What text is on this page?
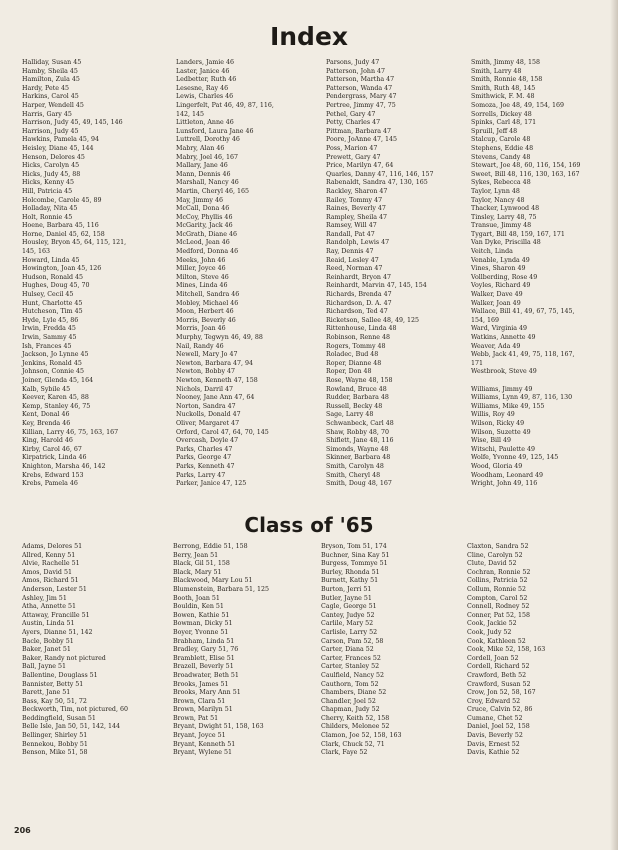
Index
Halliday, Susan 45
Hamby, Sheila 45
Hamilton, Zula 45
Hardy, Pete 45
Harkins, Carol 45
Harper, Wendell 45
Harris, Gary 45
Harrison, Judy 45, 49, 145, 146
Harrison, Judy 45
Hawkins, Pamela 45, 94
Heisley, Diane 45, 144
Henson, Delores 45
Hicks, Carolyn 45
Hicks, Judy 45, 88
Hicks, Kenny 45
Hill, Patricia 45
Holcombe, Carole 45, 89
Holladay, Nita 45
Holt, Ronnie 45
Hoene, Barbara 45, 116
Horne, Daniel 45, 62, 158
Housley, Bryon 45, 64, 115, 121,
145, 163
Howard, Linda 45
Howington, Joan 45, 126
Hudson, Ronald 45
Hughes, Doug 45, 70
Hulsey, Cecil 45
Hunt, Charlotte 45
Hutcheson, Tim 45
Hyde, Lyle 45, 86
Irwin, Fredda 45
Irwin, Sammy 45
Ish, Frances 45
Jackson, Jo Lynne 45
Jenkins, Ronald 45
Johnson, Connie 45
Joiner, Glenda 45, 164
Kalb, Sybile 45
Keever, Karen 45, 88
Kemp, Stanley 46, 75
Kent, Donal 46
Key, Brenda 46
Killian, Larry 46, 75, 163, 167
King, Harold 46
Kirby, Carol 46, 67
Kirpatrick, Linda 46
Knighton, Marsha 46, 142
Krebs, Edward 153
Krebs, Pamela 46
Landers, Jamie 46
Laster, Janice 46
Ledbetter, Ruth 46
Lesesne, Ray 46
Lewis, Charles 46
Lingerfelt, Pat 46, 49, 87, 116,
142, 145
Littleton, Anne 46
Lunsford, Laura Jane 46
Luttrell, Dorothy 46
Mabry, Alan 46
Mabry, Joel 46, 167
Mallary, Jane 46
Mann, Dennis 46
Marshall, Nancy 46
Martin, Cheryl 46, 165
May, Jimmy 46
McCall, Dona 46
McCoy, Phyllis 46
McGarity, Jack 46
McGrath, Diane 46
McLeod, Jean 46
Medford, Donna 46
Meeks, John 46
Miller, Joyce 46
Milton, Steve 46
Mines, Linda 46
Mitchell, Sandra 46
Mobley, Michael 46
Moon, Herbert 46
Morris, Beverly 46
Morris, Joan 46
Murphy, Tegwyn 46, 49, 88
Nail, Randy 46
Newell, Mary Jo 47
Newton, Barbara 47, 94
Newton, Bobby 47
Newton, Kenneth 47, 158
Nichols, Darril 47
Nooney, Jane Ann 47, 64
Norton, Sandra 47
Nuckolls, Donald 47
Oliver, Margaret 47
Orford, Carol 47, 64, 70, 145
Overcash, Doyle 47
Parks, Charles 47
Parks, George 47
Parks, Kenneth 47
Parks, Larry 47
Parker, Janice 47, 125
Parsons, Judy 47
Patterson, John 47
Patterson, Martha 47
Patterson, Wanda 47
Pendergrass, Mary 47
Pertree, Jimmy 47, 75
Pethel, Gary 47
Petty, Charles 47
Pittman, Barbara 47
Poore, JoAnne 47, 145
Poss, Marion 47
Prewett, Gary 47
Price, Marilyn 47, 64
Quarles, Danny 47, 116, 146, 157
Rabenaldt, Sandra 47, 130, 165
Rackley, Sharon 47
Railey, Tommy 47
Raines, Beverly 47
Rampley, Sheila 47
Ramsey, Will 47
Randall, Pat 47
Randolph, Lewis 47
Ray, Dennis 47
Reaid, Lesley 47
Reed, Norman 47
Reinhardt, Bryon 47
Reinhardt, Marvin 47, 145, 154
Richards, Brenda 47
Richardson, D. A. 47
Richardson, Ted 47
Ricketson, Sallee 48, 49, 125
Rittenhouse, Linda 48
Robinson, Renne 48
Rogers, Tommy 48
Roladec, Bud 48
Roper, Dianne 48
Roper, Don 48
Rose, Wayne 48, 158
Rowland, Bruce 48
Rudder, Barbara 48
Russell, Becky 48
Sage, Larry 48
Schwanbeck, Carl 48
Shaw, Robby 48, 70
Shiflett, Jane 48, 116
Simonds, Wayne 48
Skinner, Barbara 48
Smith, Carolyn 48
Smith, Cheryl 48
Smith, Doug 48, 167
Smith, Jimmy 48, 158
Smith, Larry 48
Smith, Ronnie 48, 158
Smith, Ruth 48, 145
Smithwick, F. M. 48
Somoza, Joe 48, 49, 154, 169
Sorrells, Dickey 48
Spinks, Carl 48, 171
Spruill, Jeff 48
Stalcup, Carole 48
Stephens, Eddie 48
Stevens, Candy 48
Stewart, Joe 48, 60, 116, 154, 169
Sweet, Bill 48, 116, 130, 163, 167
Sykes, Rebecca 48
Taylor, Lynn 48
Taylor, Nancy 48
Thacker, Lynwood 48
Tinsley, Larry 48, 75
Transue, Jimmy 48
Tygart, Bill 48, 159, 167, 171
Van Dyke, Priscilla 48
Veitch, Linda
Venable, Lynda 49
Vines, Sharon 49
Vollberding, Rose 49
Voyles, Richard 49
Walker, Dave 49
Walker, Joan 49
Wallace, Bill 41, 49, 67, 75, 145,
154, 169
Ward, Virginia 49
Watkins, Annette 49
Weaver, Ada 49
Webb, Jack 41, 49, 75, 118, 167,
171
Westbrook, Steve 49

Williams, Jimmy 49
Williams, Lynn 49, 87, 116, 130
Williams, Mike 49, 155
Willis, Roy 49
Wilson, Ricky 49
Wilson, Suzette 49
Wise, Bill 49
Witschi, Paulette 49
Wolfe, Yvonne 49, 125, 145
Wood, Gloria 49
Woodham, Leonard 49
Wright, John 49, 116
Class of '65
Adams, Delores 51
Allred, Kenny 51
Alvie, Rachelle 51
Amos, David 51
Amos, Richard 51
Anderson, Lester 51
Ashley, Jim 51
Atha, Annette 51
Attaway, Francille 51
Austin, Linda 51
Ayers, Dianne 51, 142
Bacle, Bobby 51
Baker, Janet 51
Baker, Randy not pictured
Ball, Jayne 51
Ballentine, Douglass 51
Bannister, Betty 51
Barett, Jane 51
Bass, Kay 50, 51, 72
Beckworth, Tim, not pictured, 60
Beddingfield, Susan 51
Belle Isle, Jan 50, 51, 142, 144
Bellinger, Shirley 51
Bennekou, Bobby 51
Benson, Mike 51, 58
Berrong, Eddie 51, 158
Berry, Jean 51
Black, Gil 51, 158
Black, Mary 51
Blackwood, Mary Lou 51
Blumenstein, Barbara 51, 125
Booth, Joan 51
Bouldin, Ken 51
Bowen, Kathie 51
Bowman, Dicky 51
Boyer, Yvonne 51
Brabham, Linda 51
Bradley, Gary 51, 76
Bramblett, Elise 51
Brazell, Beverly 51
Broadwater, Beth 51
Brooks, James 51
Brooks, Mary Ann 51
Brown, Clara 51
Brown, Marilyn 51
Brown, Pat 51
Bryant, Dwight 51, 158, 163
Bryant, Joyce 51
Bryant, Kenneth 51
Bryant, Wylene 51
Bryson, Tom 51, 174
Buchner, Sina Kay 51
Burgess, Tommye 51
Burley, Rhonda 51
Burnett, Kathy 51
Burton, Jerri 51
Butler, Jayne 51
Cagle, George 51
Cantey, Judye 52
Carlile, Mary 52
Carlisle, Larry 52
Carson, Pam 52, 58
Carter, Diana 52
Carter, Frances 52
Carter, Stanley 52
Caulfield, Nancy 52
Cauthorn, Tom 52
Chambers, Diane 52
Chandler, Joel 52
Chapman, Judy 52
Cherry, Keith 52, 158
Childers, Melonee 52
Clamon, Joe 52, 158, 163
Clark, Chuck 52, 71
Clark, Faye 52
Claxton, Sandra 52
Cline, Carolyn 52
Clute, David 52
Cochran, Ronnie 52
Collins, Patricia 52
Collum, Ronnie 52
Compton, Carol 52
Connell, Rodney 52
Conner, Pat 52, 158
Cook, Jackie 52
Cook, Judy 52
Cook, Kathleen 52
Cook, Mike 52, 158, 163
Cordell, Joan 52
Cordell, Richard 52
Crawford, Beth 52
Crawford, Susan 52
Crow, Jon 52, 58, 167
Croy, Edward 52
Cruce, Calvin 52, 86
Cumane, Chet 52
Daniel, Joel 52, 158
Davis, Beverly 52
Davis, Ernest 52
Davis, Kathie 52
206
